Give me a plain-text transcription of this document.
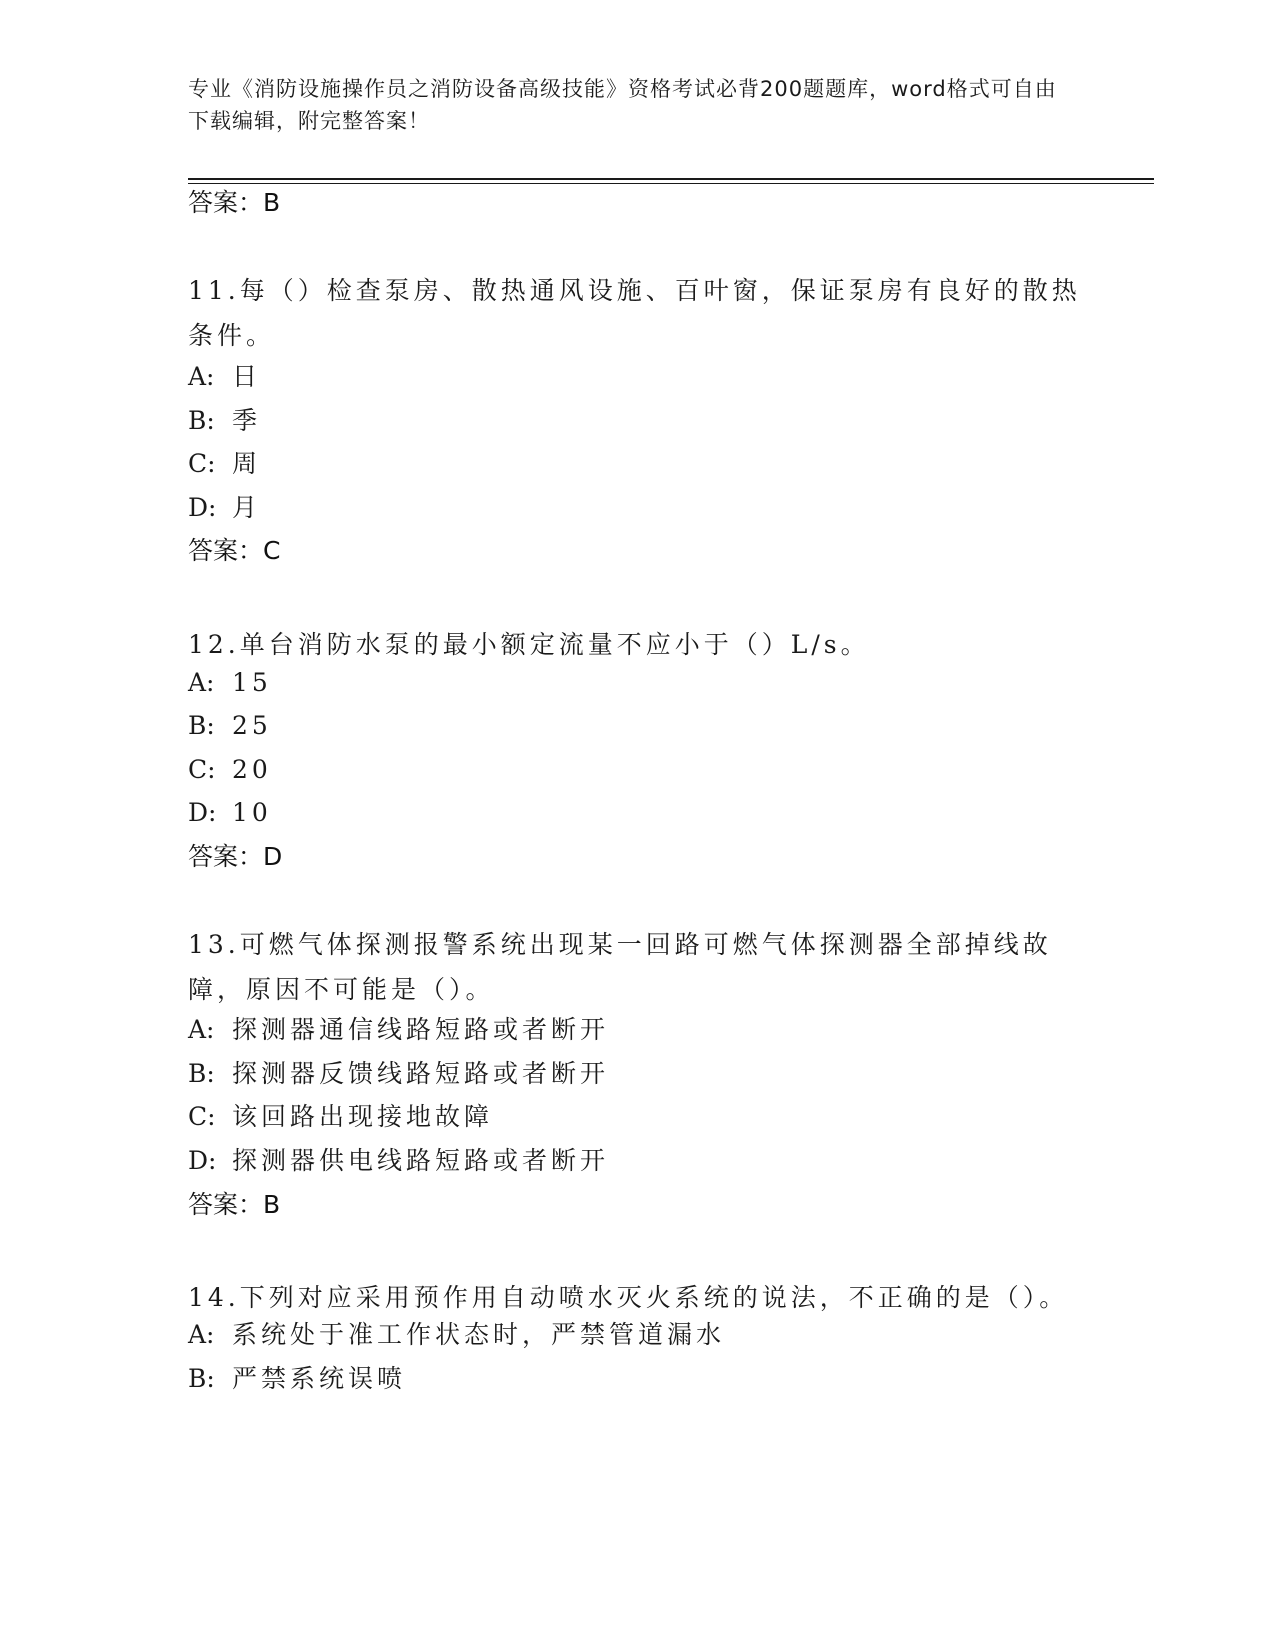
专业《消防设施操作员之消防设备高级技能》资格考试必背200题题库，word格式可自由下载编辑，附完整答案！
答案：B
11.每（）检查泵房、散热通风设施、百叶窗，保证泵房有良好的散热条件。
A: 日
B: 季
C: 周
D: 月
答案：C
12.单台消防水泵的最小额定流量不应小于（）L/s。
A: 15
B: 25
C: 20
D: 10
答案：D
13.可燃气体探测报警系统出现某一回路可燃气体探测器全部掉线故障，原因不可能是（）。
A: 探测器通信线路短路或者断开
B: 探测器反馈线路短路或者断开
C: 该回路出现接地故障
D: 探测器供电线路短路或者断开
答案：B
14.下列对应采用预作用自动喷水灭火系统的说法，不正确的是（）。
A: 系统处于准工作状态时，严禁管道漏水
B: 严禁系统误喷
